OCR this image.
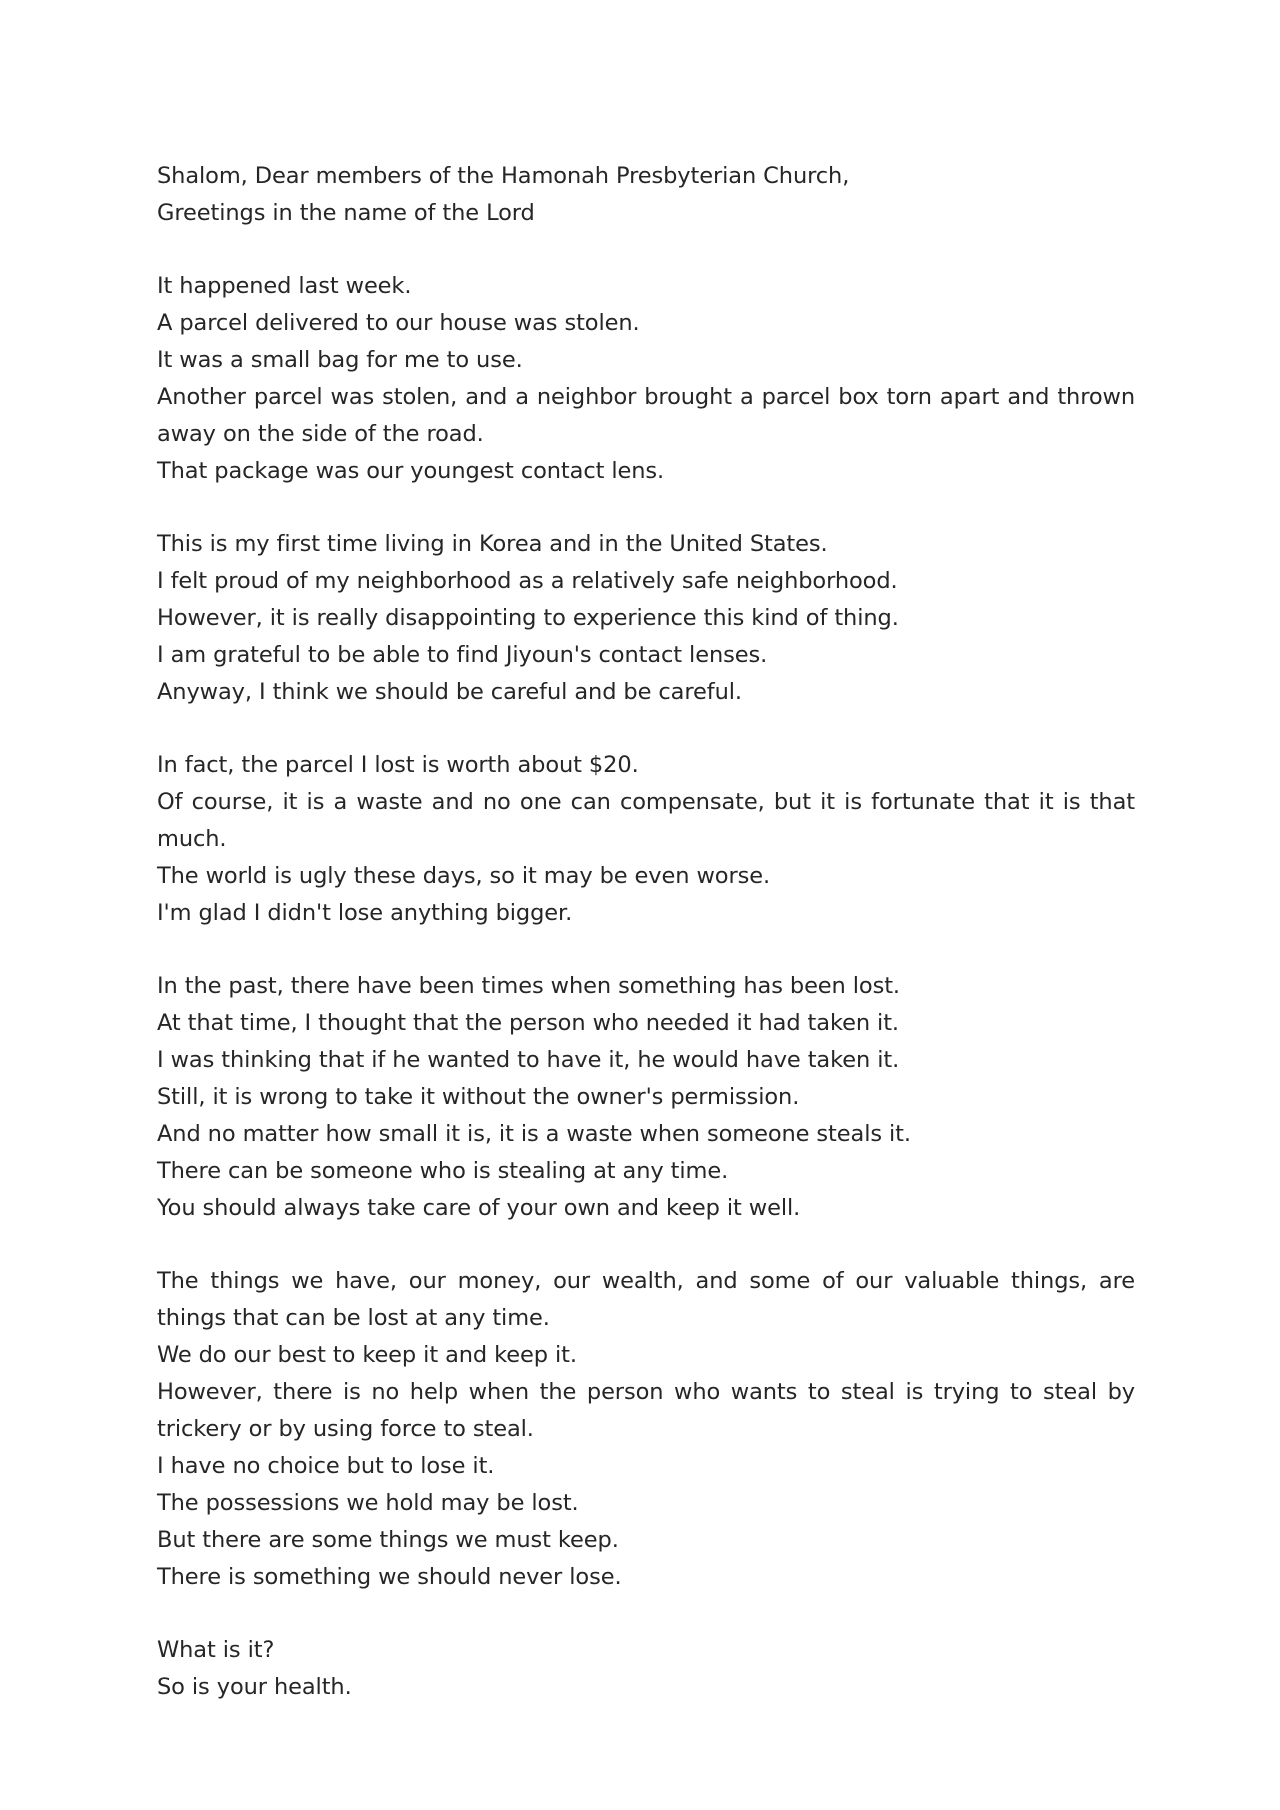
Shalom, Dear members of the Hamonah Presbyterian Church,
Greetings in the name of the Lord
It happened last week.
A parcel delivered to our house was stolen.
It was a small bag for me to use.
Another parcel was stolen, and a neighbor brought a parcel box torn apart and thrown away on the side of the road.
That package was our youngest contact lens.
This is my first time living in Korea and in the United States.
I felt proud of my neighborhood as a relatively safe neighborhood.
However, it is really disappointing to experience this kind of thing.
I am grateful to be able to find Jiyoun's contact lenses.
Anyway, I think we should be careful and be careful.
In fact, the parcel I lost is worth about $20.
Of course, it is a waste and no one can compensate, but it is fortunate that it is that much.
The world is ugly these days, so it may be even worse.
I'm glad I didn't lose anything bigger.
In the past, there have been times when something has been lost.
At that time, I thought that the person who needed it had taken it.
I was thinking that if he wanted to have it, he would have taken it.
Still, it is wrong to take it without the owner's permission.
And no matter how small it is, it is a waste when someone steals it.
There can be someone who is stealing at any time.
You should always take care of your own and keep it well.
The things we have, our money, our wealth, and some of our valuable things, are things that can be lost at any time.
We do our best to keep it and keep it.
However, there is no help when the person who wants to steal is trying to steal by trickery or by using force to steal.
I have no choice but to lose it.
The possessions we hold may be lost.
But there are some things we must keep.
There is something we should never lose.
What is it?
So is your health.
